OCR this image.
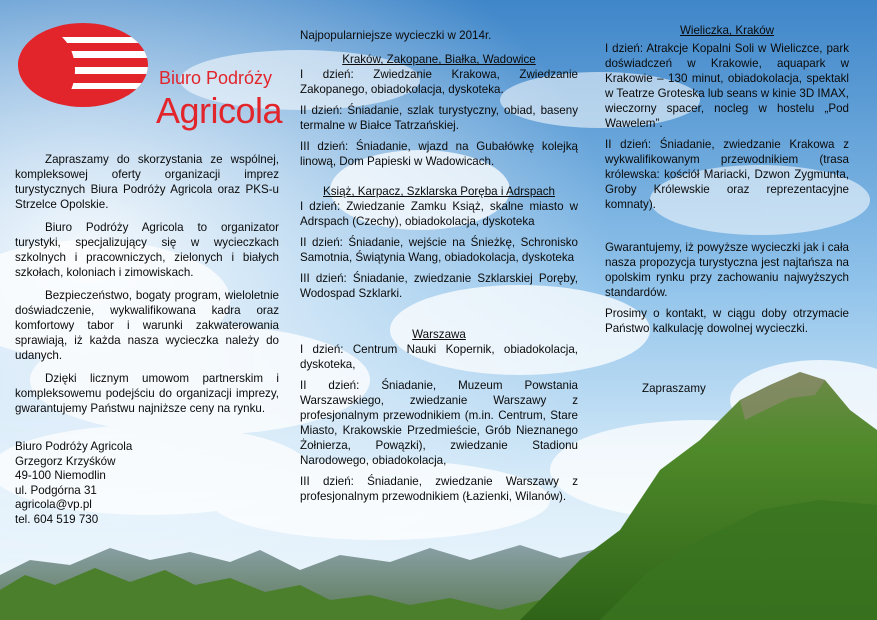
Biuro Podróży
Agricola

Zapraszamy do skorzystania ze wspólnej, kompleksowej oferty organizacji imprez turystycznych Biura Podróży Agricola oraz PKS-u Strzelce Opolskie.

Biuro Podróży Agricola to organizator turystyki, specjalizujący się w wycieczkach szkolnych i pracowniczych, zielonych i białych szkołach, koloniach i zimowiskach.

Bezpieczeństwo, bogaty program, wieloletnie doświadczenie, wykwalifikowana kadra oraz komfortowy tabor i warunki zakwaterowania sprawiają, iż każda nasza wycieczka należy do udanych.

Dzięki licznym umowom partnerskim i kompleksowemu podejściu do organizacji imprezy, gwarantujemy Państwu najniższe ceny na rynku.

Biuro Podróży Agricola

Grzegorz Krzyśków

49-100 Niemodlin

ul. Podgórna 31

agricola@vp.pl

tel. 604 519 730

Najpopularniejsze wycieczki w 2014r.

Kraków, Zakopane, Białka, Wadowice

I dzień: Zwiedzanie Krakowa, Zwiedzanie Zakopanego, obiadokolacja, dyskoteka.

II dzień: Śniadanie, szlak turystyczny, obiad, baseny termalne w Białce Tatrzańskiej.

III dzień: Śniadanie, wjazd na Gubałówkę kolejką linową, Dom Papieski w Wadowicach.

Książ, Karpacz, Szklarska Poręba i Adrspach

I dzień: Zwiedzanie Zamku Książ, skalne miasto w Adrspach (Czechy), obiadokolacja, dyskoteka

II dzień: Śniadanie, wejście na Śnieżkę, Schronisko Samotnia, Świątynia Wang, obiadokolacja, dyskoteka

III dzień: Śniadanie, zwiedzanie Szklarskiej Poręby, Wodospad Szklarki.

Warszawa

I dzień: Centrum Nauki Kopernik, obiadokolacja, dyskoteka,

II dzień: Śniadanie, Muzeum Powstania Warszawskiego, zwiedzanie Warszawy z profesjonalnym przewodnikiem (m.in. Centrum, Stare Miasto, Krakowskie Przedmieście, Grób Nieznanego Żołnierza, Powązki), zwiedzanie Stadionu Narodowego, obiadokolacja,

III dzień: Śniadanie, zwiedzanie Warszawy z profesjonalnym przewodnikiem (Łazienki, Wilanów).

Wieliczka, Kraków

I dzień: Atrakcje Kopalni Soli w Wieliczce, park doświadczeń w Krakowie, aquapark w Krakowie – 130 minut, obiadokolacja, spektakl w Teatrze Groteska lub seans w kinie 3D IMAX, wieczorny spacer, nocleg w hostelu „Pod Wawelem”.

II dzień: Śniadanie, zwiedzanie Krakowa z wykwalifikowanym przewodnikiem (trasa królewska: kościół Mariacki, Dzwon Zygmunta, Groby Królewskie oraz reprezentacyjne komnaty).

Gwarantujemy, iż powyższe wycieczki jak i cała nasza propozycja turystyczna jest najtańsza na opolskim rynku przy zachowaniu najwyższych standardów.

Prosimy o kontakt, w ciągu doby otrzymacie Państwo kalkulację dowolnej wycieczki.

Zapraszamy
